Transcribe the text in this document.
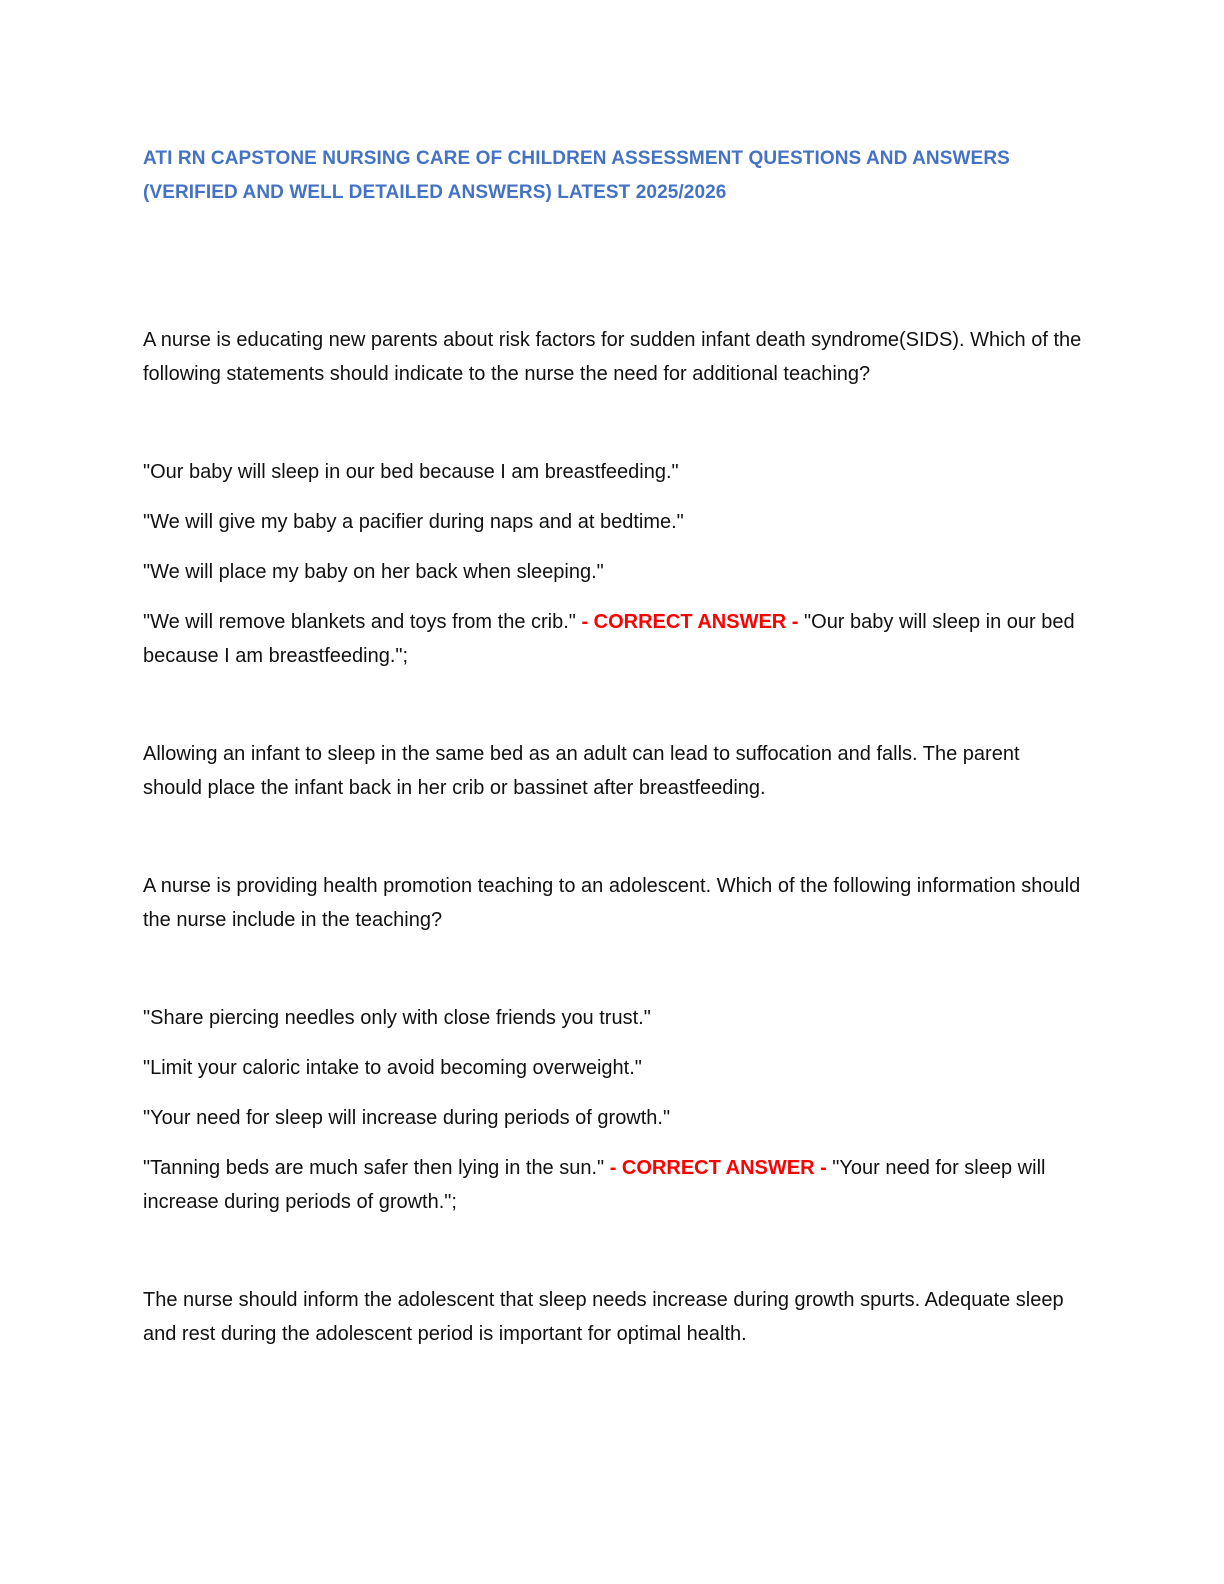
ATI RN CAPSTONE NURSING CARE OF CHILDREN ASSESSMENT QUESTIONS AND ANSWERS (VERIFIED AND WELL DETAILED ANSWERS) LATEST 2025/2026

A nurse is educating new parents about risk factors for sudden infant death syndrome(SIDS). Which of the following statements should indicate to the nurse the need for additional teaching?

"Our baby will sleep in our bed because I am breastfeeding."

"We will give my baby a pacifier during naps and at bedtime."

"We will place my baby on her back when sleeping."

"We will remove blankets and toys from the crib." - CORRECT ANSWER - "Our baby will sleep in our bed because I am breastfeeding.";

Allowing an infant to sleep in the same bed as an adult can lead to suffocation and falls. The parent should place the infant back in her crib or bassinet after breastfeeding.

A nurse is providing health promotion teaching to an adolescent. Which of the following information should the nurse include in the teaching?

"Share piercing needles only with close friends you trust."

"Limit your caloric intake to avoid becoming overweight."

"Your need for sleep will increase during periods of growth."

"Tanning beds are much safer then lying in the sun." - CORRECT ANSWER - "Your need for sleep will increase during periods of growth.";

The nurse should inform the adolescent that sleep needs increase during growth spurts. Adequate sleep and rest during the adolescent period is important for optimal health.
